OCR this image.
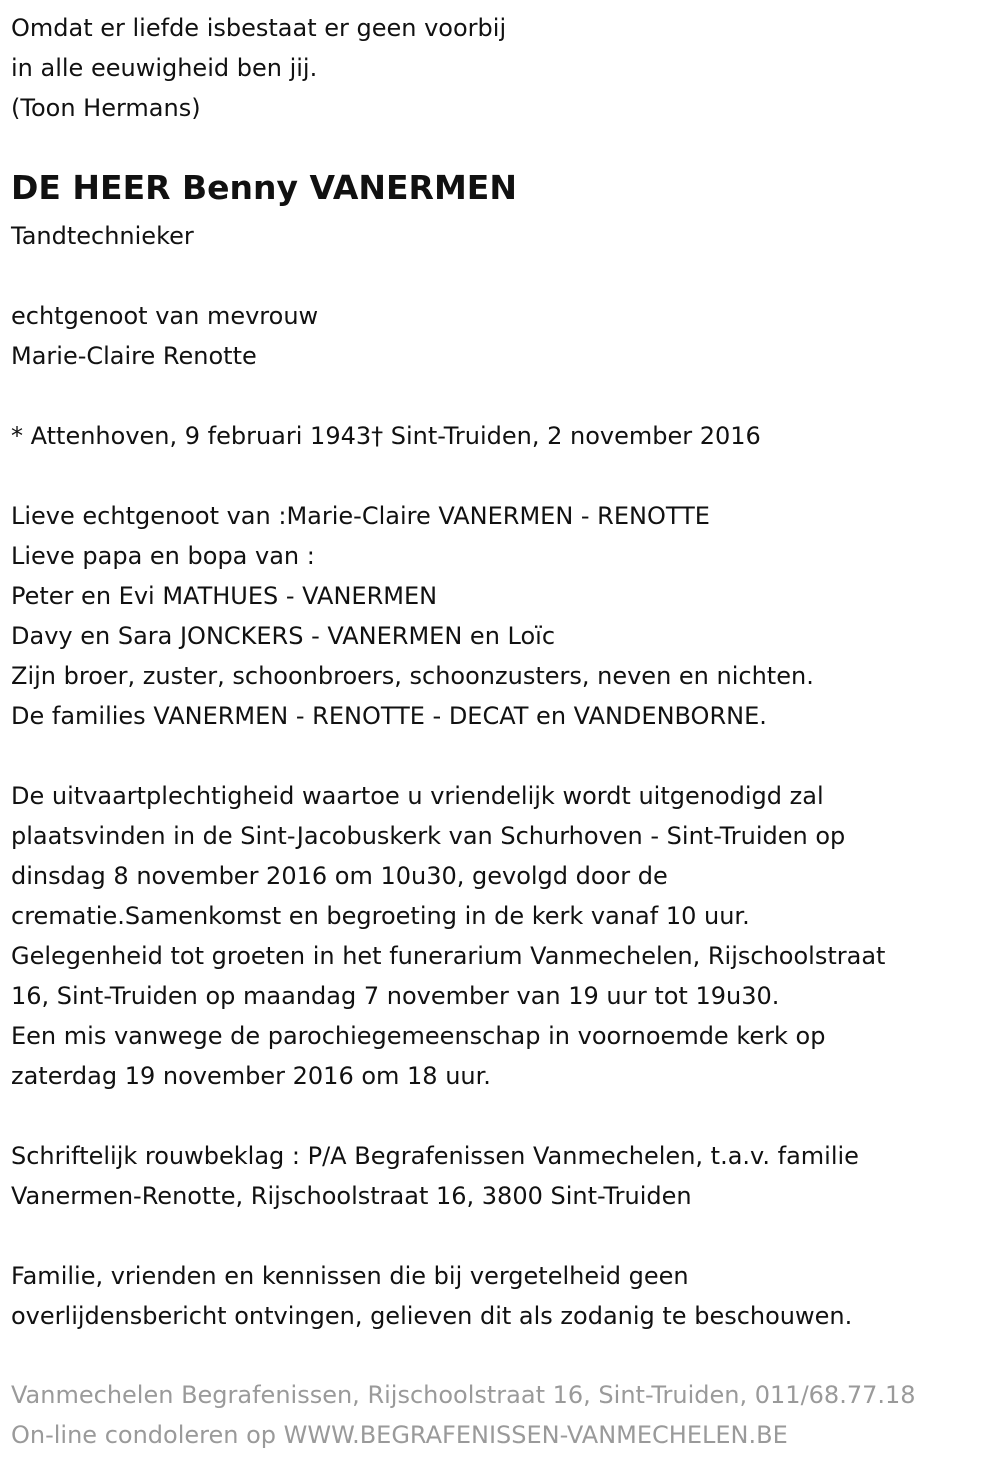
Omdat er liefde isbestaat er geen voorbij
in alle eeuwigheid ben jij.
(Toon Hermans)
DE HEER Benny VANERMEN
Tandtechnieker
echtgenoot van mevrouw
Marie-Claire Renotte
* Attenhoven, 9 februari 1943† Sint-Truiden, 2 november 2016
Lieve echtgenoot van :Marie-Claire VANERMEN - RENOTTE
Lieve papa en bopa van :
Peter en Evi MATHUES - VANERMEN
Davy en Sara JONCKERS - VANERMEN en Loïc
Zijn broer, zuster, schoonbroers, schoonzusters, neven en nichten.
De families VANERMEN - RENOTTE - DECAT en VANDENBORNE.
De uitvaartplechtigheid waartoe u vriendelijk wordt uitgenodigd zal
plaatsvinden in de Sint-Jacobuskerk van Schurhoven - Sint-Truiden op
dinsdag 8 november 2016 om 10u30, gevolgd door de
crematie.Samenkomst en begroeting in de kerk vanaf 10 uur.
Gelegenheid tot groeten in het funerarium Vanmechelen, Rijschoolstraat
16, Sint-Truiden op maandag 7 november van 19 uur tot 19u30.
Een mis vanwege de parochiegemeenschap in voornoemde kerk op
zaterdag 19 november 2016 om 18 uur.
Schriftelijk rouwbeklag : P/A Begrafenissen Vanmechelen, t.a.v. familie
Vanermen-Renotte, Rijschoolstraat 16, 3800 Sint-Truiden
Familie, vrienden en kennissen die bij vergetelheid geen
overlijdensbericht ontvingen, gelieven dit als zodanig te beschouwen.
Vanmechelen Begrafenissen, Rijschoolstraat 16, Sint-Truiden, 011/68.77.18
On-line condoleren op WWW.BEGRAFENISSEN-VANMECHELEN.BE
